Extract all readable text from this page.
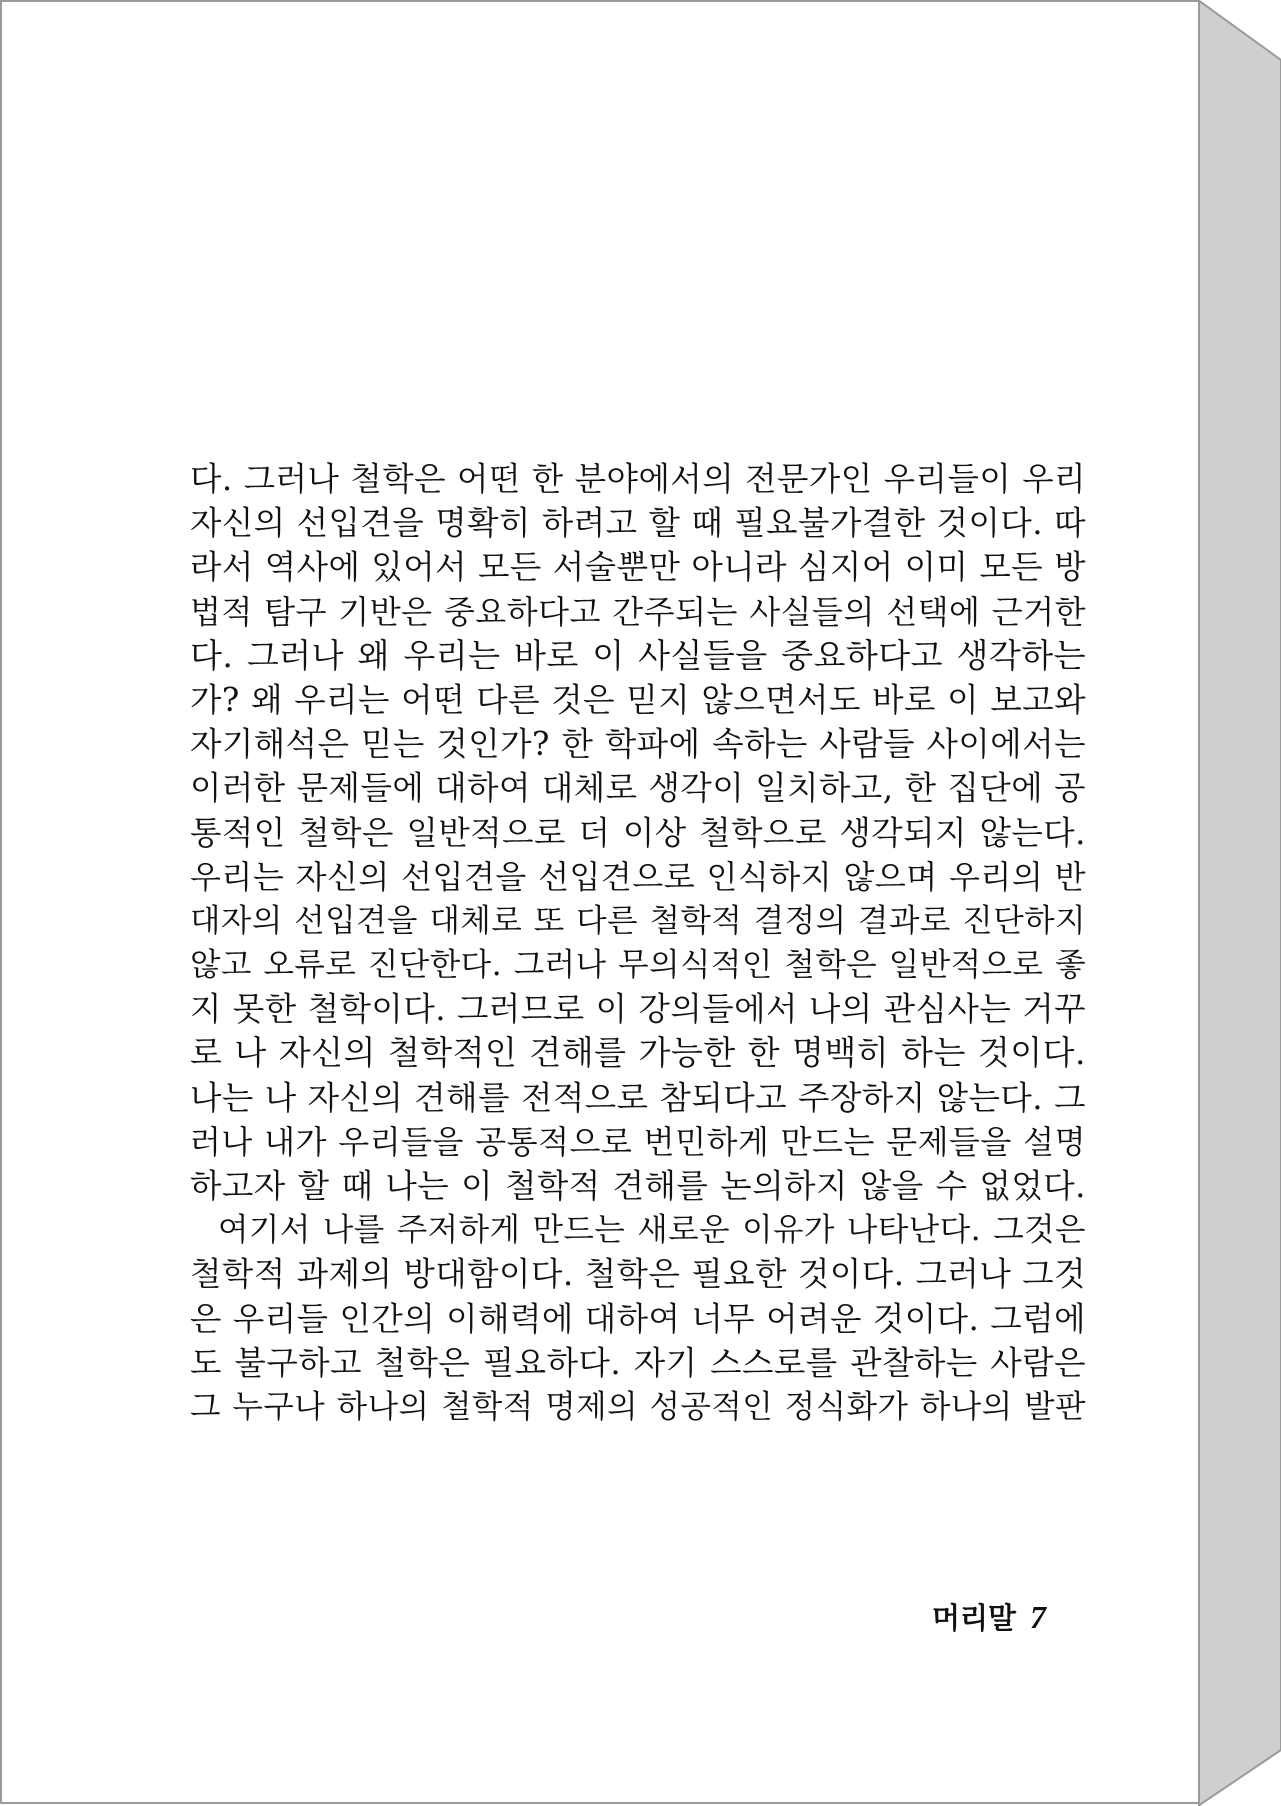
다. 그러나 철학은 어떤 한 분야에서의 전문가인 우리들이 우리
자신의 선입견을 명확히 하려고 할 때 필요불가결한 것이다. 따
라서 역사에 있어서 모든 서술뿐만 아니라 심지어 이미 모든 방
법적 탐구 기반은 중요하다고 간주되는 사실들의 선택에 근거한
다. 그러나 왜 우리는 바로 이 사실들을 중요하다고 생각하는
가? 왜 우리는 어떤 다른 것은 믿지 않으면서도 바로 이 보고와
자기해석은 믿는 것인가? 한 학파에 속하는 사람들 사이에서는
이러한 문제들에 대하여 대체로 생각이 일치하고, 한 집단에 공
통적인 철학은 일반적으로 더 이상 철학으로 생각되지 않는다.
우리는 자신의 선입견을 선입견으로 인식하지 않으며 우리의 반
대자의 선입견을 대체로 또 다른 철학적 결정의 결과로 진단하지
않고 오류로 진단한다. 그러나 무의식적인 철학은 일반적으로 좋
지 못한 철학이다. 그러므로 이 강의들에서 나의 관심사는 거꾸
로 나 자신의 철학적인 견해를 가능한 한 명백히 하는 것이다.
나는 나 자신의 견해를 전적으로 참되다고 주장하지 않는다. 그
러나 내가 우리들을 공통적으로 번민하게 만드는 문제들을 설명
하고자 할 때 나는 이 철학적 견해를 논의하지 않을 수 없었다.
여기서 나를 주저하게 만드는 새로운 이유가 나타난다. 그것은
철학적 과제의 방대함이다. 철학은 필요한 것이다. 그러나 그것
은 우리들 인간의 이해력에 대하여 너무 어려운 것이다. 그럼에
도 불구하고 철학은 필요하다. 자기 스스로를 관찰하는 사람은
그 누구나 하나의 철학적 명제의 성공적인 정식화가 하나의 발판
머리말 7
